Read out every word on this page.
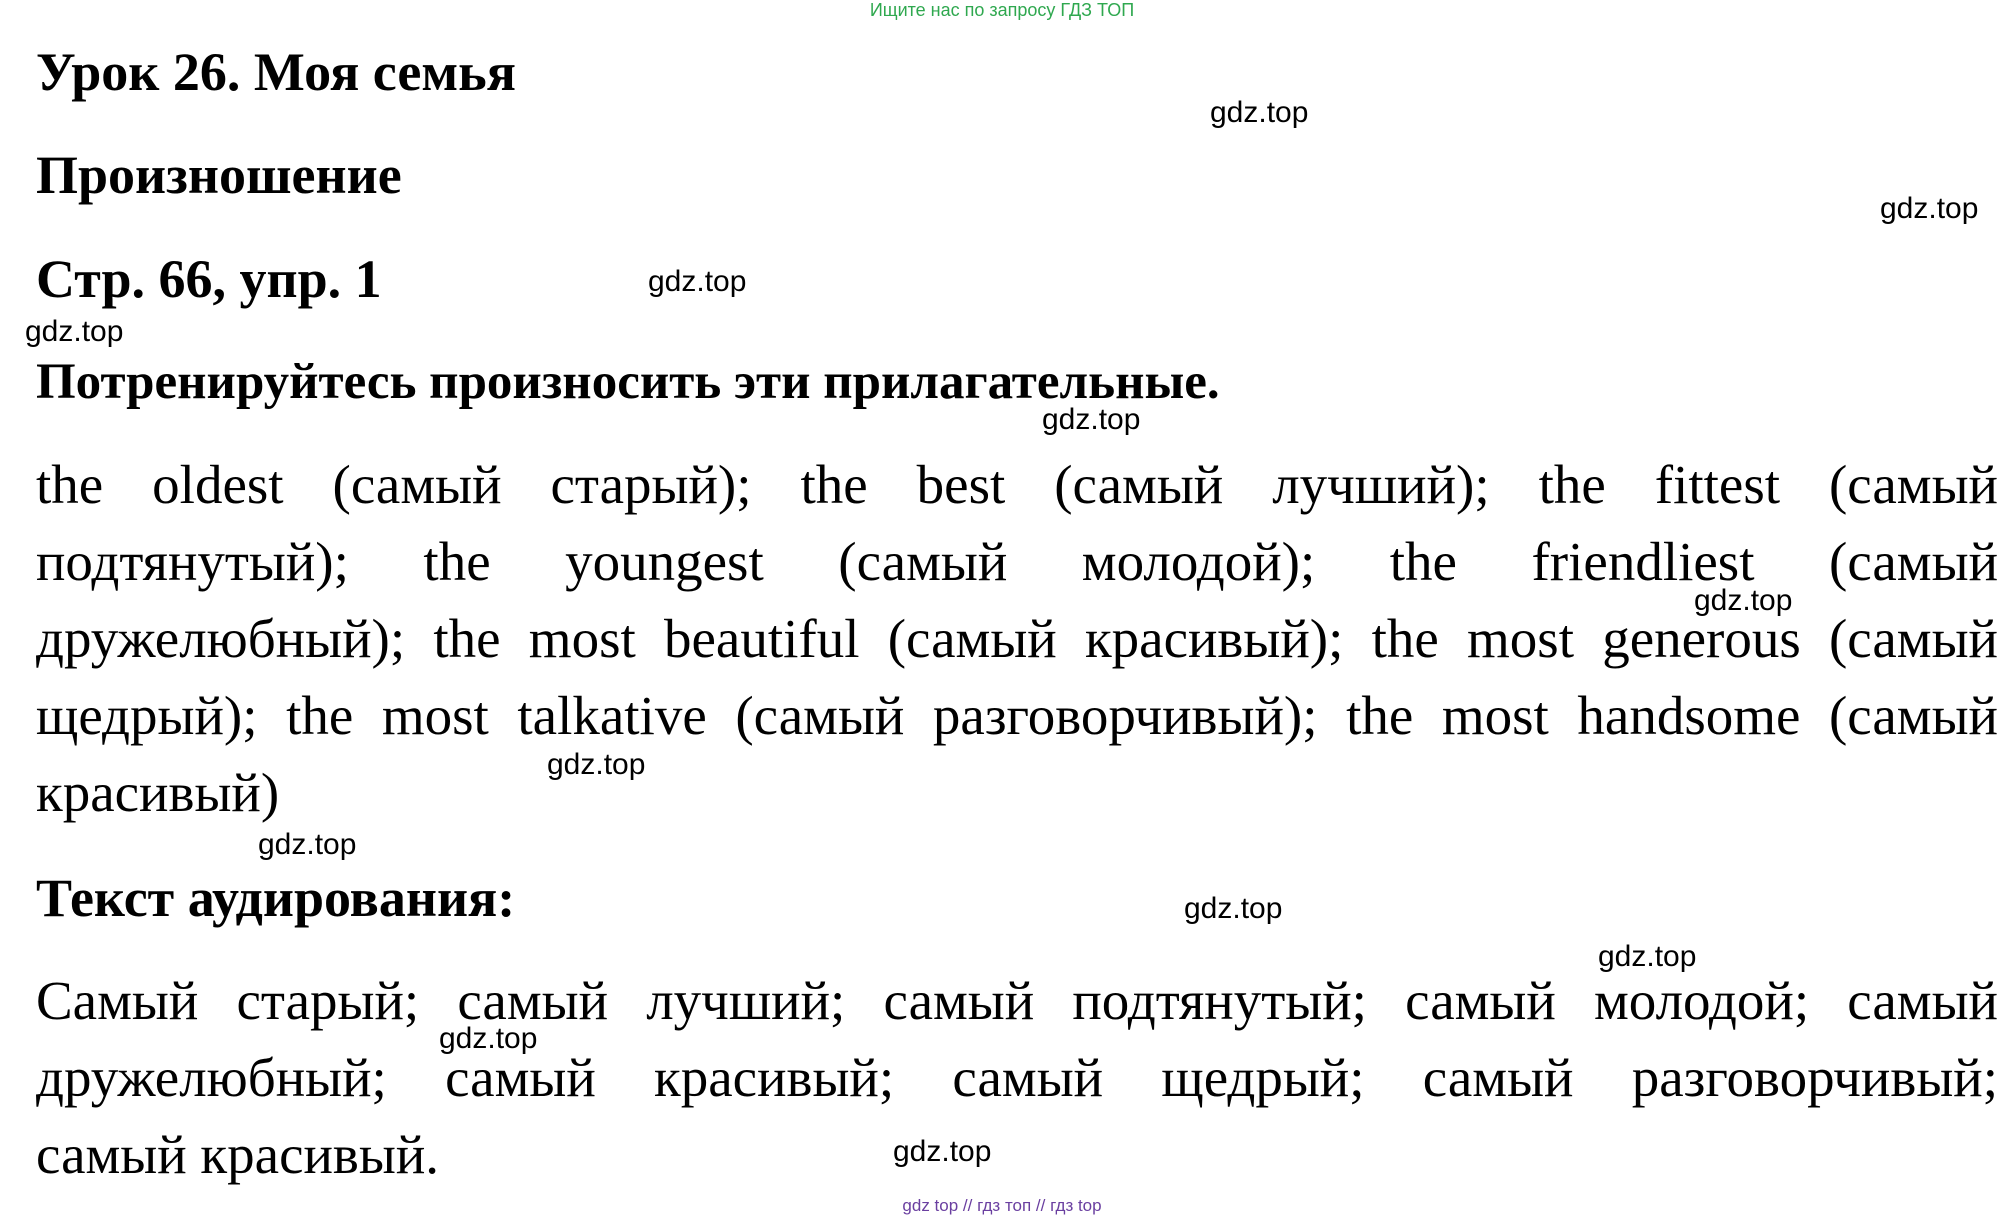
Ищите нас по запросу ГДЗ ТОП
Урок 26. Моя семья
Произношение
Стр. 66, упр. 1
Потренируйтесь произносить эти прилагательные.
the oldest (самый старый); the best (самый лучший); the fittest (самый
подтянутый); the youngest (самый молодой); the friendliest (самый
дружелюбный); the most beautiful (самый красивый); the most generous (самый
щедрый); the most talkative (самый разговорчивый); the most handsome (самый
красивый)
Текст аудирования:
Самый старый; самый лучший; самый подтянутый; самый молодой; самый
дружелюбный; самый красивый; самый щедрый; самый разговорчивый;
самый красивый.
gdz.top
gdz.top
gdz.top
gdz.top
gdz.top
gdz.top
gdz.top
gdz.top
gdz.top
gdz.top
gdz.top
gdz.top
gdz top // гдз топ // гдз top
